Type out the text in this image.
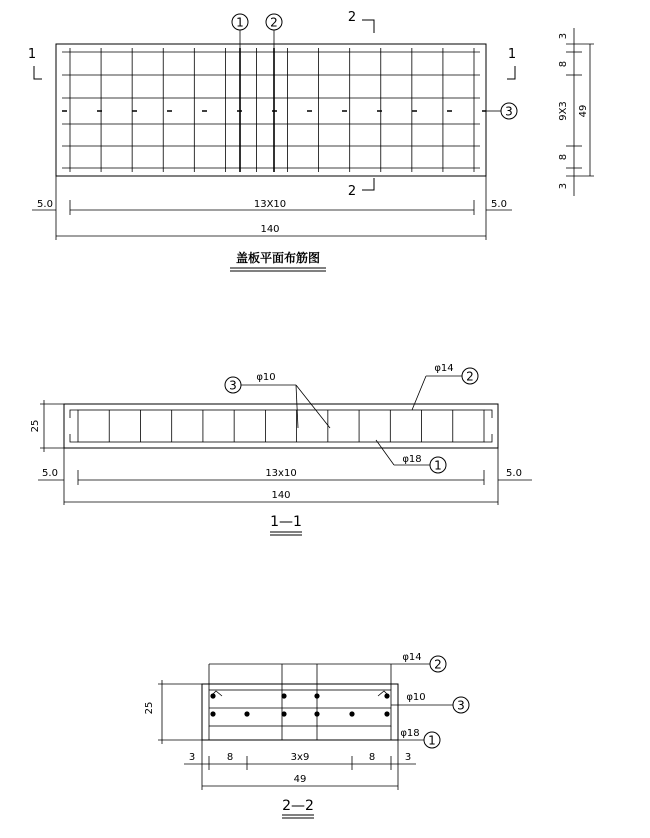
1 2
3
1	1
2
2
5.0	13X10	5.0
140
3
8
9X3
8
3
49
盖板平面布筋图
25
3
φ10	2
φ14
1
φ18
5.0	13x10	5.0
140
1—1
25
2
φ14
3
φ10
1
φ18
3	8	3x9	8	3
49
2—2
